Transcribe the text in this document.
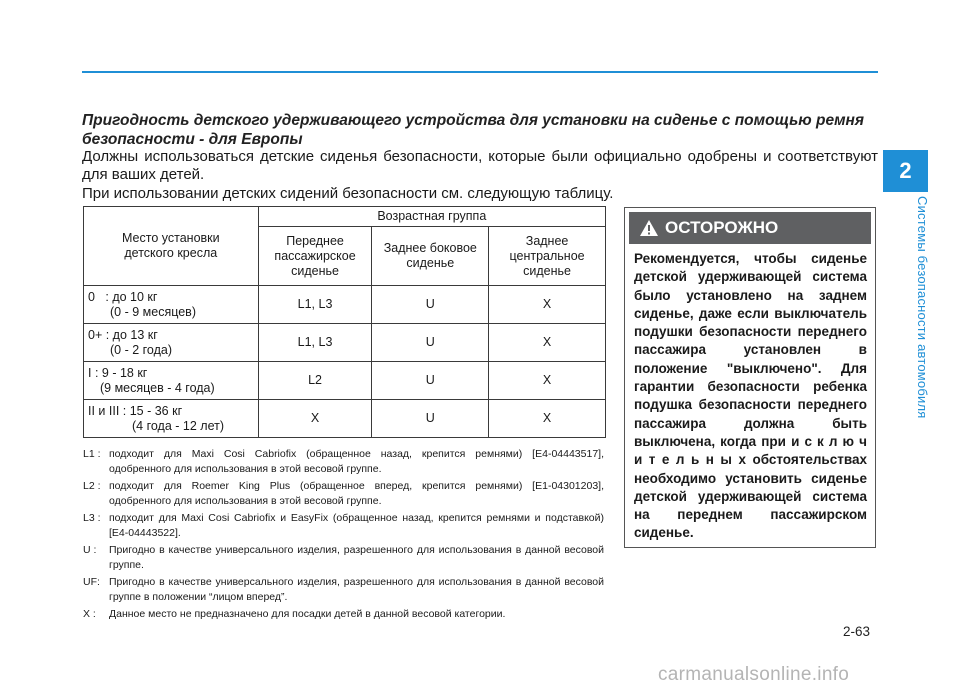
Пригодность детского удерживающего устройства для установки на сиденье с помощью ремня безопасности - для Европы
Должны использоваться детские сиденья безопасности, которые были официально одобрены и соответствуют для ваших детей.
При использовании детских сидений безопасности см. следующую таблицу.
Место установки детского кресла	Возрастная группа		
	Переднее пассажирское сиденье	Заднее боковое сиденье	Заднее центральное сиденье
0   : до 10 кг
(0 - 9 месяцев)	L1, L3	U	X
0+ : до 13 кг
(0 - 2 года)	L1, L3	U	X
I : 9 - 18 кг
(9 месяцев - 4 года)	L2	U	X
II и III : 15 - 36 кг
(4 года - 12 лет)	X	U	X
L1 : подходит для Maxi Cosi Cabriofix (обращенное назад, крепится ремнями) [E4-04443517], одобренного для использования в этой весовой группе.
L2 : подходит для Roemer King Plus (обращенное вперед, крепится ремнями) [E1-04301203], одобренного для использования в этой весовой группе.
L3 : подходит для Maxi Cosi Cabriofix и EasyFix (обращенное назад, крепится ремнями и подставкой) [E4-04443522].
U :	Пригодно в качестве универсального изделия, разрешенного для использования в данной весовой группе.
UF: Пригодно в качестве универсального изделия, разрешенного для использования в данной весовой группе в положении “лицом вперед”.
X :	Данное место не предназначено для посадки детей в данной весовой категории.
ОСТОРОЖНО
Рекомендуется, чтобы сиденье детской удерживающей система было установлено на заднем сиденье, даже если выключатель подушки безопасности переднего пассажира установлен в положение "выключено". Для гарантии безопасности ребенка подушка безопасности переднего пассажира должна быть выключена, когда при и с к л ю ч и т е л ь н ы х обстоятельствах необходимо установить сиденье детской удерживающей система на переднем пассажирском сиденье.
2
Системы безопасности автомобиля
2-63
carmanualsonline.info
